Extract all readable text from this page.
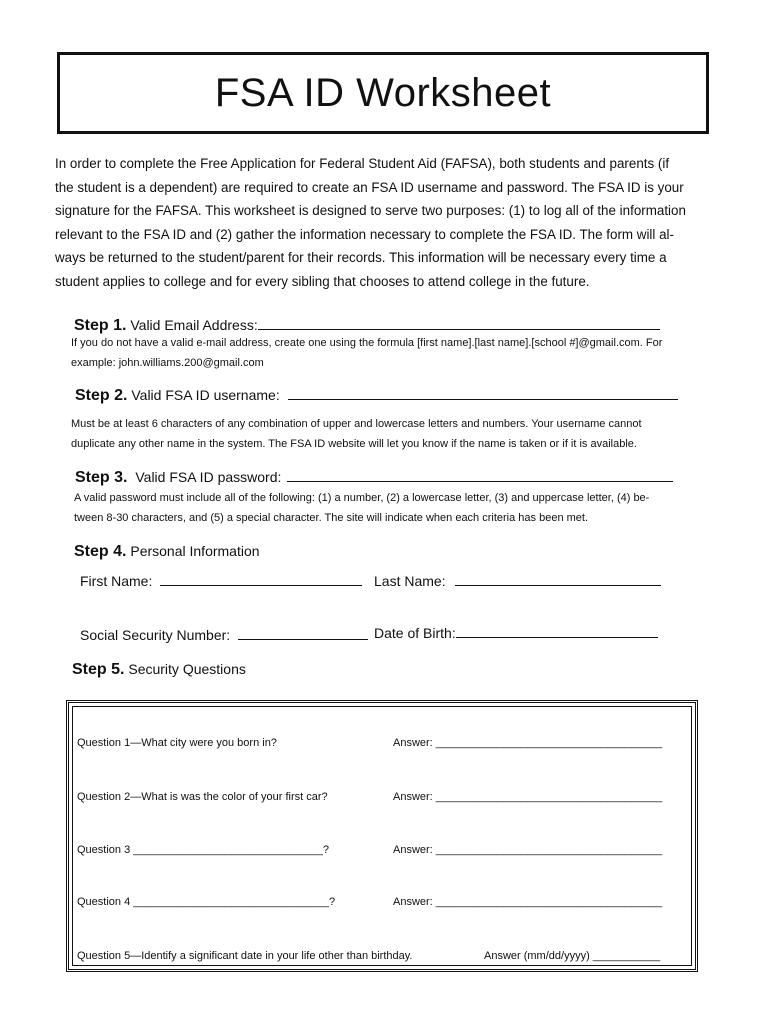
FSA ID Worksheet

In order to complete the Free Application for Federal Student Aid (FAFSA), both students and parents (if
the student is a dependent) are required to create an FSA ID username and password. The FSA ID is your
signature for the FAFSA. This worksheet is designed to serve two purposes: (1) to log all of the information
relevant to the FSA ID and (2) gather the information necessary to complete the FSA ID. The form will al-
ways be returned to the student/parent for their records. This information will be necessary every time a
student applies to college and for every sibling that chooses to attend college in the future.

Step 1. Valid Email Address:

If you do not have a valid e-mail address, create one using the formula [first name].[last name].[school #]@gmail.com. For
example: john.williams.200@gmail.com

Step 2. Valid FSA ID username:

Must be at least 6 characters of any combination of upper and lowercase letters and numbers. Your username cannot
duplicate any other name in the system. The FSA ID website will let you know if the name is taken or if it is available.

Step 3. Valid FSA ID password:

A valid password must include all of the following: (1) a number, (2) a lowercase letter, (3) and uppercase letter, (4) be-
tween 8-30 characters, and (5) a special character. The site will indicate when each criteria has been met.

Step 4. Personal Information
First Name:	Last Name:
Social Security Number:	Date of Birth:
Step 5. Security Questions
Question 1—What city were you born in?	Answer: _____________________________________
Question 2—What is was the color of your first car?	Answer: _____________________________________
Question 3 _______________________________?	Answer: _____________________________________
Question 4 ________________________________?	Answer: _____________________________________
Question 5—Identify a significant date in your life other than birthday.	Answer (mm/dd/yyyy) ___________
